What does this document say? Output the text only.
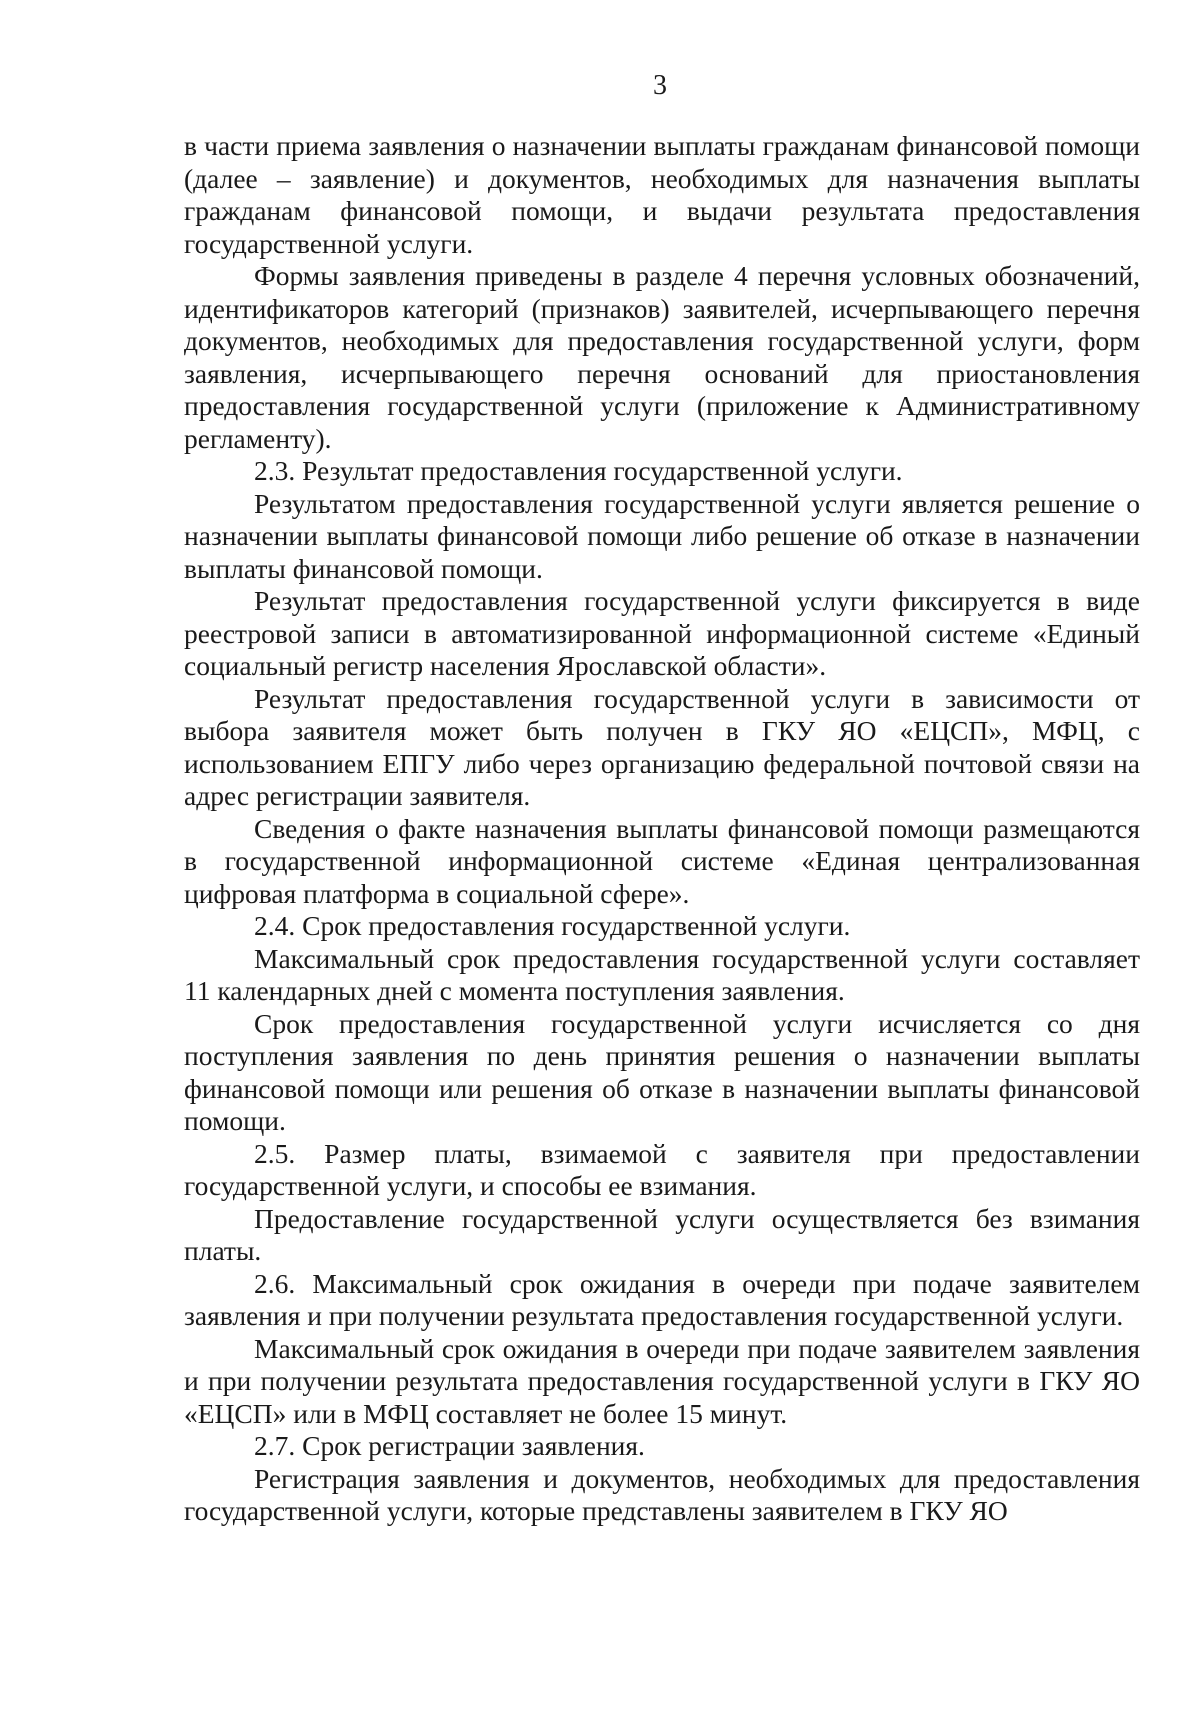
3

в части приема заявления о назначении выплаты гражданам финансовой помощи (далее – заявление) и документов, необходимых для назначения выплаты гражданам финансовой помощи, и выдачи результата предоставления государственной услуги.

Формы заявления приведены в разделе 4 перечня условных обозначений, идентификаторов категорий (признаков) заявителей, исчерпывающего перечня документов, необходимых для предоставления государственной услуги, форм заявления, исчерпывающего перечня оснований для приостановления предоставления государственной услуги (приложение к Административному регламенту).

2.3. Результат предоставления государственной услуги.

Результатом предоставления государственной услуги является решение о назначении выплаты финансовой помощи либо решение об отказе в назначении выплаты финансовой помощи.

Результат предоставления государственной услуги фиксируется в виде реестровой записи в автоматизированной информационной системе «Единый социальный регистр населения Ярославской области».

Результат предоставления государственной услуги в зависимости от выбора заявителя может быть получен в ГКУ ЯО «ЕЦСП», МФЦ, с использованием ЕПГУ либо через организацию федеральной почтовой связи на адрес регистрации заявителя.

Сведения о факте назначения выплаты финансовой помощи размещаются в государственной информационной системе «Единая централизованная цифровая платформа в социальной сфере».

2.4. Срок предоставления государственной услуги.

Максимальный срок предоставления государственной услуги составляет 11 календарных дней с момента поступления заявления.

Срок предоставления государственной услуги исчисляется со дня поступления заявления по день принятия решения о назначении выплаты финансовой помощи или решения об отказе в назначении выплаты финансовой помощи.

2.5. Размер платы, взимаемой с заявителя при предоставлении государственной услуги, и способы ее взимания.

Предоставление государственной услуги осуществляется без взимания платы.

2.6. Максимальный срок ожидания в очереди при подаче заявителем заявления и при получении результата предоставления государственной услуги.

Максимальный срок ожидания в очереди при подаче заявителем заявления и при получении результата предоставления государственной услуги в ГКУ ЯО «ЕЦСП» или в МФЦ составляет не более 15 минут.

2.7. Срок регистрации заявления.

Регистрация заявления и документов, необходимых для предоставления государственной услуги, которые представлены заявителем в ГКУ ЯО
